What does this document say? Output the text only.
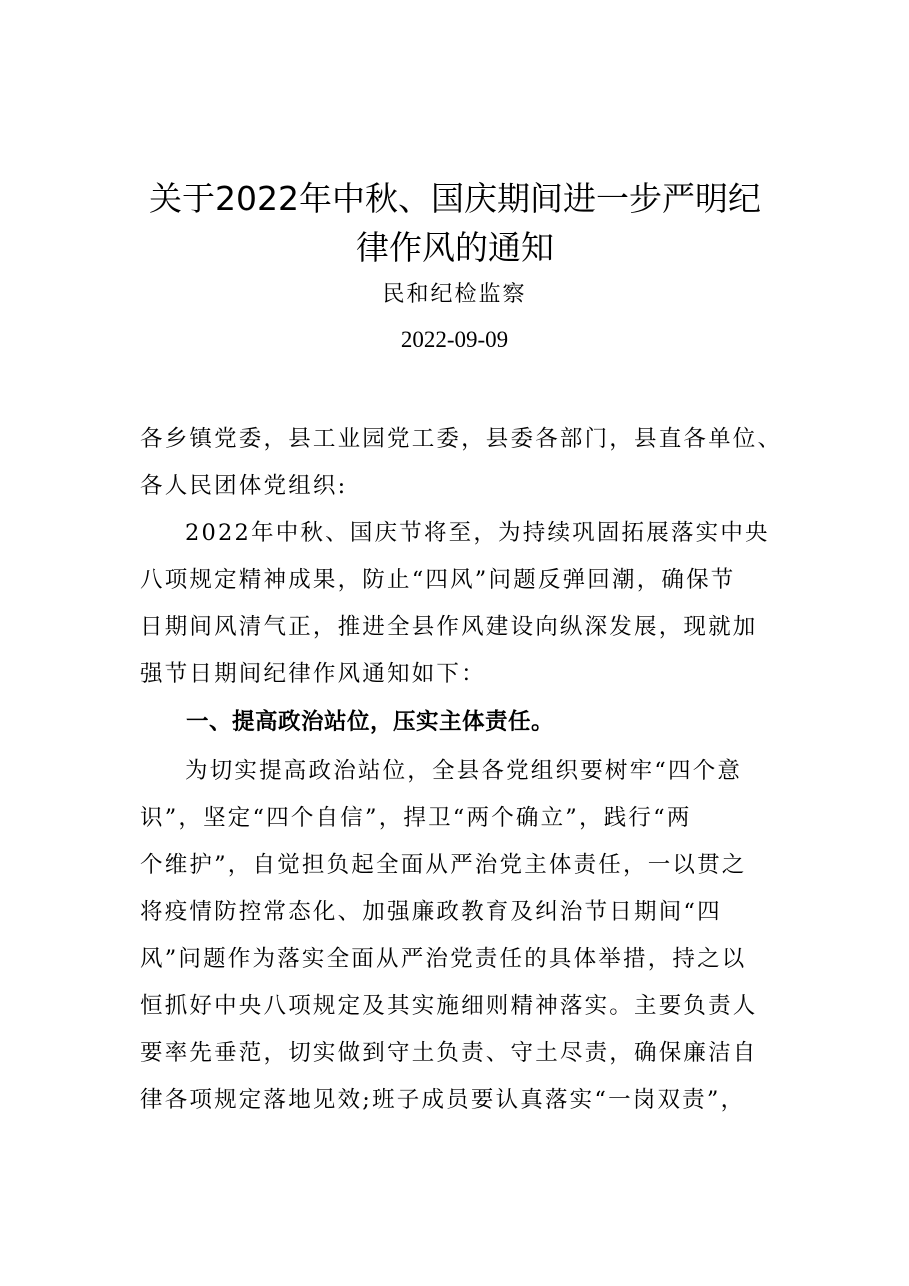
关于2022年中秋、国庆期间进一步严明纪
律作风的通知
民和纪检监察
2022-09-09
各乡镇党委，县工业园党工委，县委各部门，县直各单位、
各人民团体党组织:
2022年中秋、国庆节将至，为持续巩固拓展落实中央
八项规定精神成果，防止“四风”问题反弹回潮，确保节
日期间风清气正，推进全县作风建设向纵深发展，现就加
强节日期间纪律作风通知如下：
一、提高政治站位，压实主体责任。
为切实提高政治站位，全县各党组织要树牢“四个意
识”，坚定“四个自信”，捍卫“两个确立”，践行“两
个维护”，自觉担负起全面从严治党主体责任，一以贯之
将疫情防控常态化、加强廉政教育及纠治节日期间“四
风”问题作为落实全面从严治党责任的具体举措，持之以
恒抓好中央八项规定及其实施细则精神落实。主要负责人
要率先垂范，切实做到守土负责、守土尽责，确保廉洁自
律各项规定落地见效;班子成员要认真落实“一岗双责”，
